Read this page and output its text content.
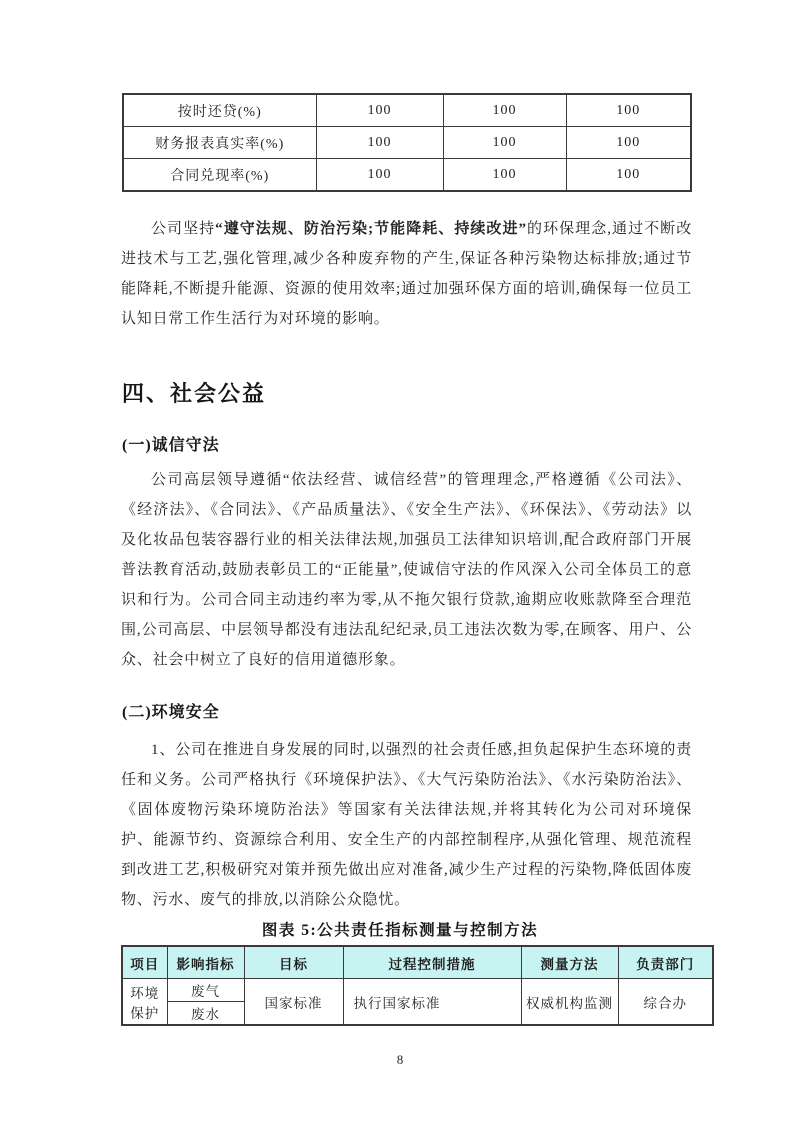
按时还贷(%)	100	100	100
财务报表真实率(%)	100	100	100
合同兑现率(%)	100	100	100

公司坚持“遵守法规、防治污染;节能降耗、持续改进”的环保理念,通过不断改进技术与工艺,强化管理,减少各种废弃物的产生,保证各种污染物达标排放;通过节能降耗,不断提升能源、资源的使用效率;通过加强环保方面的培训,确保每一位员工认知日常工作生活行为对环境的影响。

四、社会公益
(一)诚信守法

公司高层领导遵循“依法经营、诚信经营”的管理理念,严格遵循《公司法》、《经济法》、《合同法》、《产品质量法》、《安全生产法》、《环保法》、《劳动法》以及化妆品包装容器行业的相关法律法规,加强员工法律知识培训,配合政府部门开展普法教育活动,鼓励表彰员工的“正能量”,使诚信守法的作风深入公司全体员工的意识和行为。公司合同主动违约率为零,从不拖欠银行贷款,逾期应收账款降至合理范围,公司高层、中层领导都没有违法乱纪纪录,员工违法次数为零,在顾客、用户、公众、社会中树立了良好的信用道德形象。

(二)环境安全

1、公司在推进自身发展的同时,以强烈的社会责任感,担负起保护生态环境的责任和义务。公司严格执行《环境保护法》、《大气污染防治法》、《水污染防治法》、《固体废物污染环境防治法》等国家有关法律法规,并将其转化为公司对环境保护、能源节约、资源综合利用、安全生产的内部控制程序,从强化管理、规范流程到改进工艺,积极研究对策并预先做出应对准备,减少生产过程的污染物,降低固体废物、污水、废气的排放,以消除公众隐忧。

图表 5:公共责任指标测量与控制方法
项目	影响指标	目标	过程控制措施	测量方法	负责部门
环境保护	废气	国家标准	执行国家标准	权威机构监测	综合办
	废水				
8
